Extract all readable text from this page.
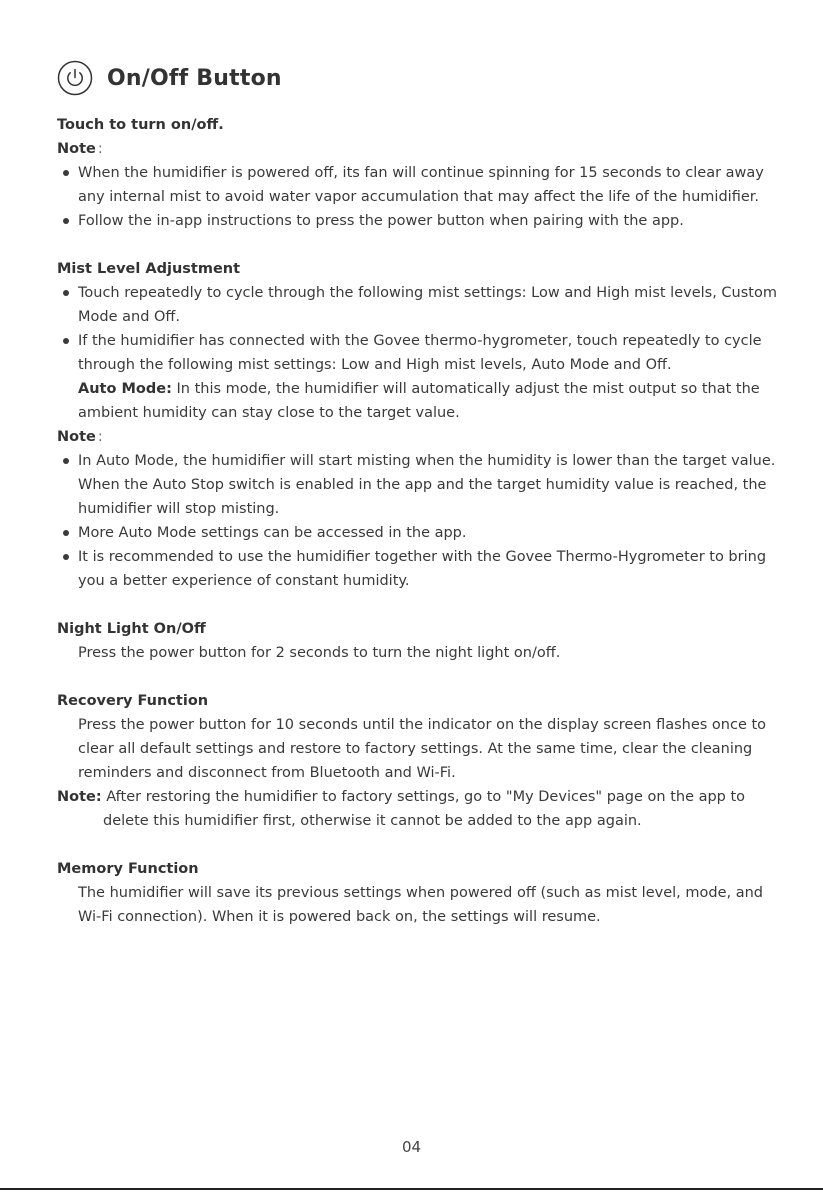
On/Off Button

Touch to turn on/off.

Note :

When the humidifier is powered off, its fan will continue spinning for 15 seconds to clear away any internal mist to avoid water vapor accumulation that may affect the life of the humidifier.
Follow the in-app instructions to press the power button when pairing with the app.

Mist Level Adjustment

Touch repeatedly to cycle through the following mist settings: Low and High mist levels, Custom Mode and Off.
If the humidifier has connected with the Govee thermo-hygrometer, touch repeatedly to cycle through the following mist settings: Low and High mist levels, Auto Mode and Off.
Auto Mode: In this mode, the humidifier will automatically adjust the mist output so that the ambient humidity can stay close to the target value.

Note :

In Auto Mode, the humidifier will start misting when the humidity is lower than the target value. When the Auto Stop switch is enabled in the app and the target humidity value is reached, the humidifier will stop misting.
More Auto Mode settings can be accessed in the app.
It is recommended to use the humidifier together with the Govee Thermo-Hygrometer to bring you a better experience of constant humidity.

Night Light On/Off

Press the power button for 2 seconds to turn the night light on/off.

Recovery Function

Press the power button for 10 seconds until the indicator on the display screen flashes once to clear all default settings and restore to factory settings. At the same time, clear the cleaning reminders and disconnect from Bluetooth and Wi-Fi.

Note: After restoring the humidifier to factory settings, go to "My Devices" page on the app to delete this humidifier first, otherwise it cannot be added to the app again.

Memory Function

The humidifier will save its previous settings when powered off (such as mist level, mode, and Wi-Fi connection). When it is powered back on, the settings will resume.

04
